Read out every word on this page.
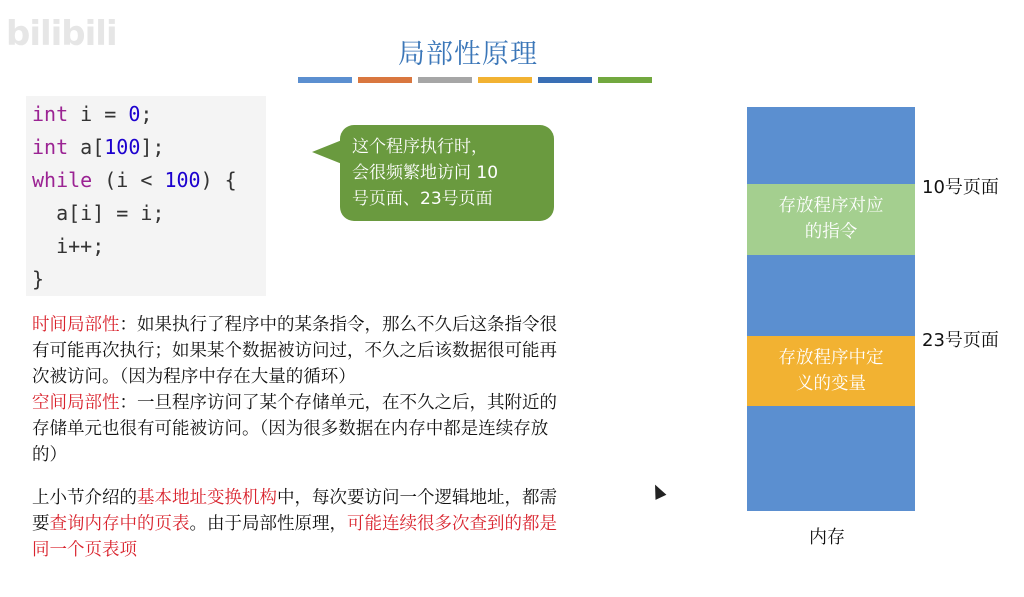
bilibili
局部性原理
int i = 0;
int a[100];
while (i < 100) {
a[i] = i;
i++;
}
这个程序执行时，
会很频繁地访问 10
号页面、23号页面
时间局部性：如果执行了程序中的某条指令，那么不久后这条指令很
有可能再次执行；如果某个数据被访问过，不久之后该数据很可能再
次被访问。（因为程序中存在大量的循环）
空间局部性：一旦程序访问了某个存储单元，在不久之后，其附近的
存储单元也很有可能被访问。（因为很多数据在内存中都是连续存放
的）
上小节介绍的基本地址变换机构中，每次要访问一个逻辑地址，都需
要查询内存中的页表。由于局部性原理，可能连续很多次查到的都是
同一个页表项
存放程序对应
的指令
存放程序中定
义的变量
10号页面
23号页面
内存
